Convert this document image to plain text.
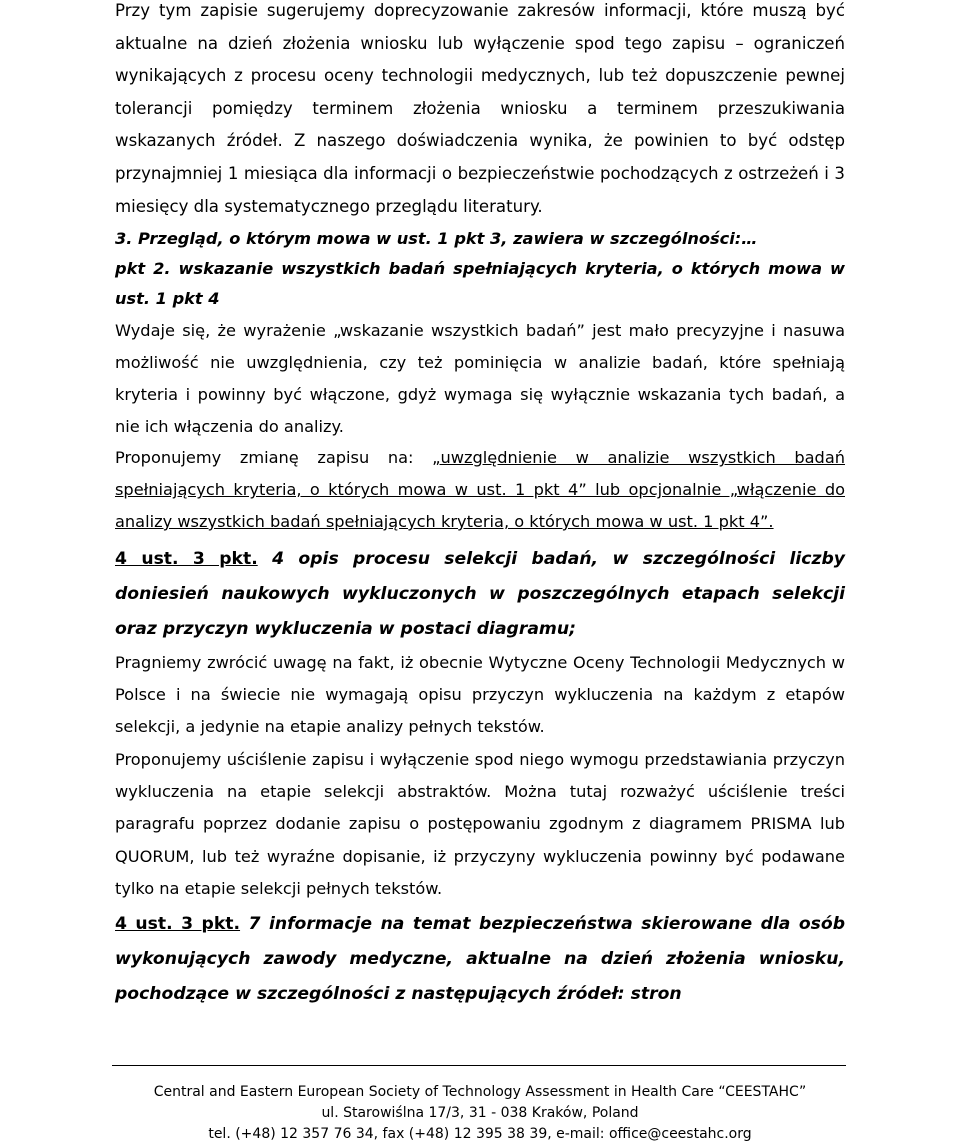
Przy tym zapisie sugerujemy doprecyzowanie zakresów informacji, które muszą być aktualne na dzień złożenia wniosku lub wyłączenie spod tego zapisu – ograniczeń wynikających z procesu oceny technologii medycznych, lub też dopuszczenie pewnej tolerancji pomiędzy terminem złożenia wniosku a terminem przeszukiwania wskazanych źródeł. Z naszego doświadczenia wynika, że powinien to być odstęp przynajmniej 1 miesiąca dla informacji o bezpieczeństwie pochodzących z ostrzeżeń i 3 miesięcy dla systematycznego przeglądu literatury.

3. Przegląd, o którym mowa w ust. 1 pkt 3, zawiera w szczególności:…
pkt 2. wskazanie wszystkich badań spełniających kryteria, o których mowa w ust. 1 pkt 4

Wydaje się, że wyrażenie „wskazanie wszystkich badań” jest mało precyzyjne i nasuwa możliwość nie uwzględnienia, czy też pominięcia w analizie badań, które spełniają kryteria i powinny być włączone, gdyż wymaga się wyłącznie wskazania tych badań, a nie ich włączenia do analizy.

Proponujemy zmianę zapisu na: „uwzględnienie w analizie wszystkich badań spełniających kryteria, o których mowa w ust. 1 pkt 4” lub opcjonalnie „włączenie do analizy wszystkich badań spełniających kryteria, o których mowa w ust. 1 pkt 4”.

4 ust. 3 pkt. 4 opis procesu selekcji badań, w szczególności liczby doniesień naukowych wykluczonych w poszczególnych etapach selekcji oraz przyczyn wykluczenia w postaci diagramu;

Pragniemy zwrócić uwagę na fakt, iż obecnie Wytyczne Oceny Technologii Medycznych w Polsce i na świecie nie wymagają opisu przyczyn wykluczenia na każdym z etapów selekcji, a jedynie na etapie analizy pełnych tekstów.

Proponujemy uściślenie zapisu i wyłączenie spod niego wymogu przedstawiania przyczyn wykluczenia na etapie selekcji abstraktów. Można tutaj rozważyć uściślenie treści paragrafu poprzez dodanie zapisu o postępowaniu zgodnym z diagramem PRISMA lub QUORUM, lub też wyraźne dopisanie, iż przyczyny wykluczenia powinny być podawane tylko na etapie selekcji pełnych tekstów.

4 ust. 3 pkt. 7 informacje na temat bezpieczeństwa skierowane dla osób wykonujących zawody medyczne, aktualne na dzień złożenia wniosku, pochodzące w szczególności z następujących źródeł: stron

Central and Eastern European Society of Technology Assessment in Health Care “CEESTAHC”
ul. Starowiślna 17/3, 31 - 038 Kraków, Poland
tel. (+48) 12 357 76 34, fax (+48) 12 395 38 39, e-mail: office@ceestahc.org
